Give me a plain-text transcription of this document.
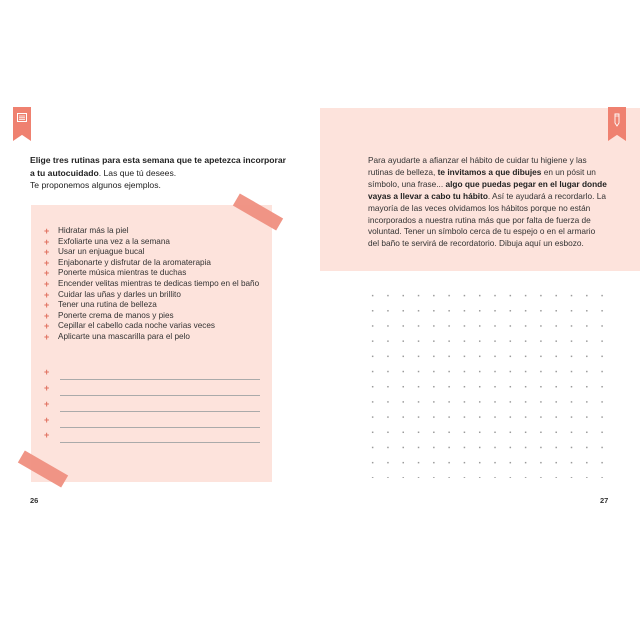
Elige tres rutinas para esta semana que te apetezca incorporar a tu autocuidado. Las que tú desees.
Te proponemos algunos ejemplos.
+ Hidratar más la piel
+ Exfoliarte una vez a la semana
+ Usar un enjuague bucal
+ Enjabonarte y disfrutar de la aromaterapia
+ Ponerte música mientras te duchas
+ Encender velitas mientras te dedicas tiempo en el baño
+ Cuidar las uñas y darles un brillito
+ Tener una rutina de belleza
+ Ponerte crema de manos y pies
+ Cepillar el cabello cada noche varias veces
+ Aplicarte una mascarilla para el pelo
+
+
+
+
+
26
Para ayudarte a afianzar el hábito de cuidar tu higiene y las rutinas de belleza, te invitamos a que dibujes en un pósit un símbolo, una frase... algo que puedas pegar en el lugar donde vayas a llevar a cabo tu hábito. Así te ayudará a recordarlo. La mayoría de las veces olvidamos los hábitos porque no están incorporados a nuestra rutina más que por falta de fuerza de voluntad. Tener un símbolo cerca de tu espejo o en el armario del baño te servirá de recordatorio. Dibuja aquí un esbozo.
27
